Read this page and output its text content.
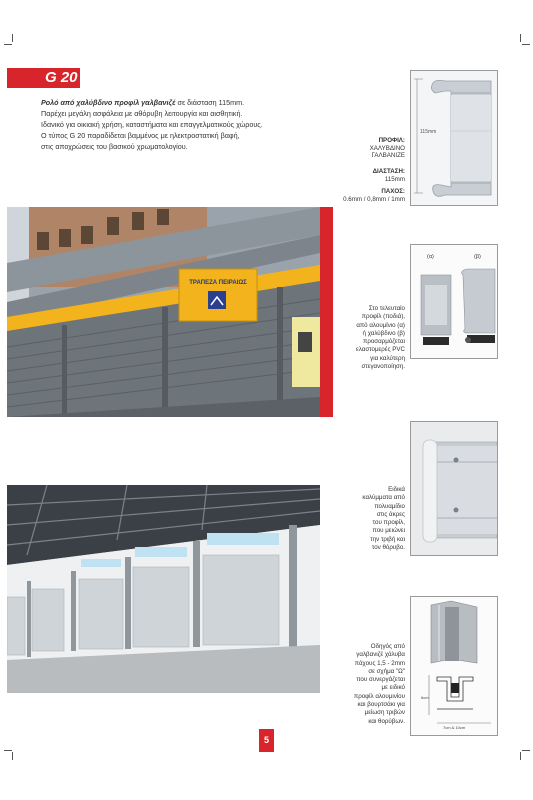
G 20
Ρολό από χαλύβδινο προφίλ γαλβανιζέ σε διάσταση 115mm.
Παρέχει μεγάλη ασφάλεια με αθόρυβη λειτουργία και αισθητική.
Ιδανικό για οικιακή χρήση, καταστήματα και επαγγελματικούς χώρους.
Ο τύπος G 20 παραδίδεται βαμμένος με ηλεκτροστατική βαφή,
στις αποχρώσεις του βασικού χρωματολογίου.
ΠΡΟΦΙΛ:
ΧΑΛΥΒΔΙΝΟ
ΓΑΛΒΑΝΙΖΕ
ΔΙΑΣΤΑΣΗ:
115mm
ΠΑΧΟΣ:
0.6mm / 0,8mm / 1mm
115mm
(α)	(β)
6cm
7cm & 10cm
Στο τελευταίο
προφίλ (ποδιά),
από αλουμίνιο (α)
ή χαλύβδινο (β)
προσαρμόζεται
ελαστομερές PVC
για καλύτερη
στεγανοποίηση.
Ειδικά
καλύμματα από
πολυαμίδιο
στις άκρες
του προφίλ,
που μειώνει
την τριβή και
τον θόρυβο.
Οδηγός από
γαλβανιζέ χάλυβα
πάχους 1,5 - 2mm
σε σχήμα "Ω"
που συνεργάζεται
με ειδικό
προφίλ αλουμινίου
και βουρτσάκι για
μείωση τριβών
και θορύβων.
ΤΡΑΠΕΖΑ ΠΕΙΡΑΙΩΣ
5
